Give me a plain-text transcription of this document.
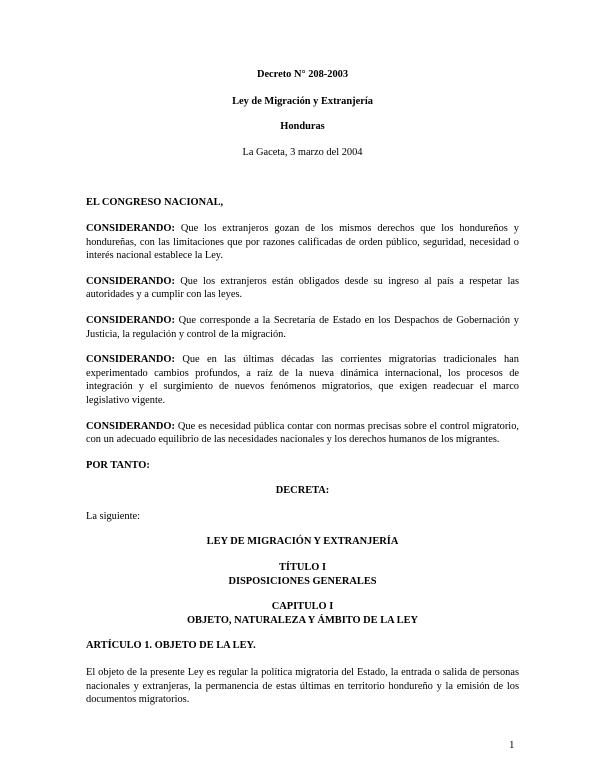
Decreto N° 208-2003

Ley de Migración y Extranjería

Honduras

La Gaceta, 3 marzo del 2004

EL CONGRESO NACIONAL,

CONSIDERANDO: Que los extranjeros gozan de los mismos derechos que los hondureños y hondureñas, con las limitaciones que por razones calificadas de orden público, seguridad, necesidad o interés nacional establece la Ley.

CONSIDERANDO: Que los extranjeros están obligados desde su ingreso al país a respetar las autoridades y a cumplir con las leyes.

CONSIDERANDO: Que corresponde a la Secretaría de Estado en los Despachos de Gobernación y Justicia, la regulación y control de la migración.

CONSIDERANDO: Que en las últimas décadas las corrientes migratorias tradicionales han experimentado cambios profundos, a raíz de la nueva dinámica internacional, los procesos de integración y el surgimiento de nuevos fenómenos migratorios, que exigen readecuar el marco legislativo vigente.

CONSIDERANDO: Que es necesidad pública contar con normas precisas sobre el control migratorio, con un adecuado equilibrio de las necesidades nacionales y los derechos humanos de los migrantes.

POR TANTO:

DECRETA:

La siguiente:

LEY DE MIGRACIÓN Y EXTRANJERÍA

TÍTULO I
DISPOSICIONES GENERALES

CAPITULO I
OBJETO, NATURALEZA Y ÁMBITO DE LA LEY

ARTÍCULO 1. OBJETO DE LA LEY.

El objeto de la presente Ley es regular la política migratoria del Estado, la entrada o salida de personas nacionales y extranjeras, la permanencia de estas últimas en territorio hondureño y la emisión de los documentos migratorios.

1
